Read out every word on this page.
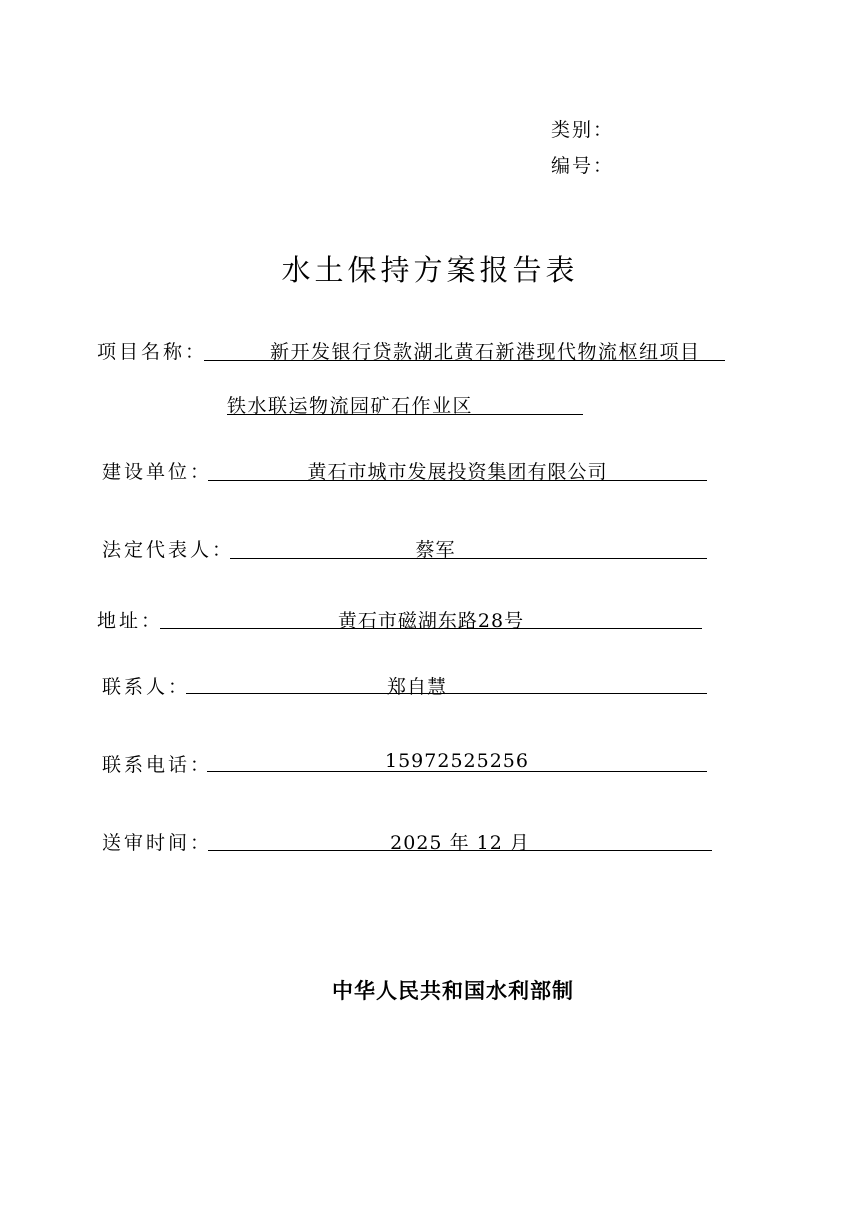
类别：
编号：
水土保持方案报告表
项目名称：	新开发银行贷款湖北黄石新港现代物流枢纽项目
铁水联运物流园矿石作业区
建设单位：	黄石市城市发展投资集团有限公司
法定代表人：	蔡军
地址：	黄石市磁湖东路28号
联系人：	郑自慧
联系电话：	15972525256
送审时间：	2025 年 12 月
中华人民共和国水利部制
